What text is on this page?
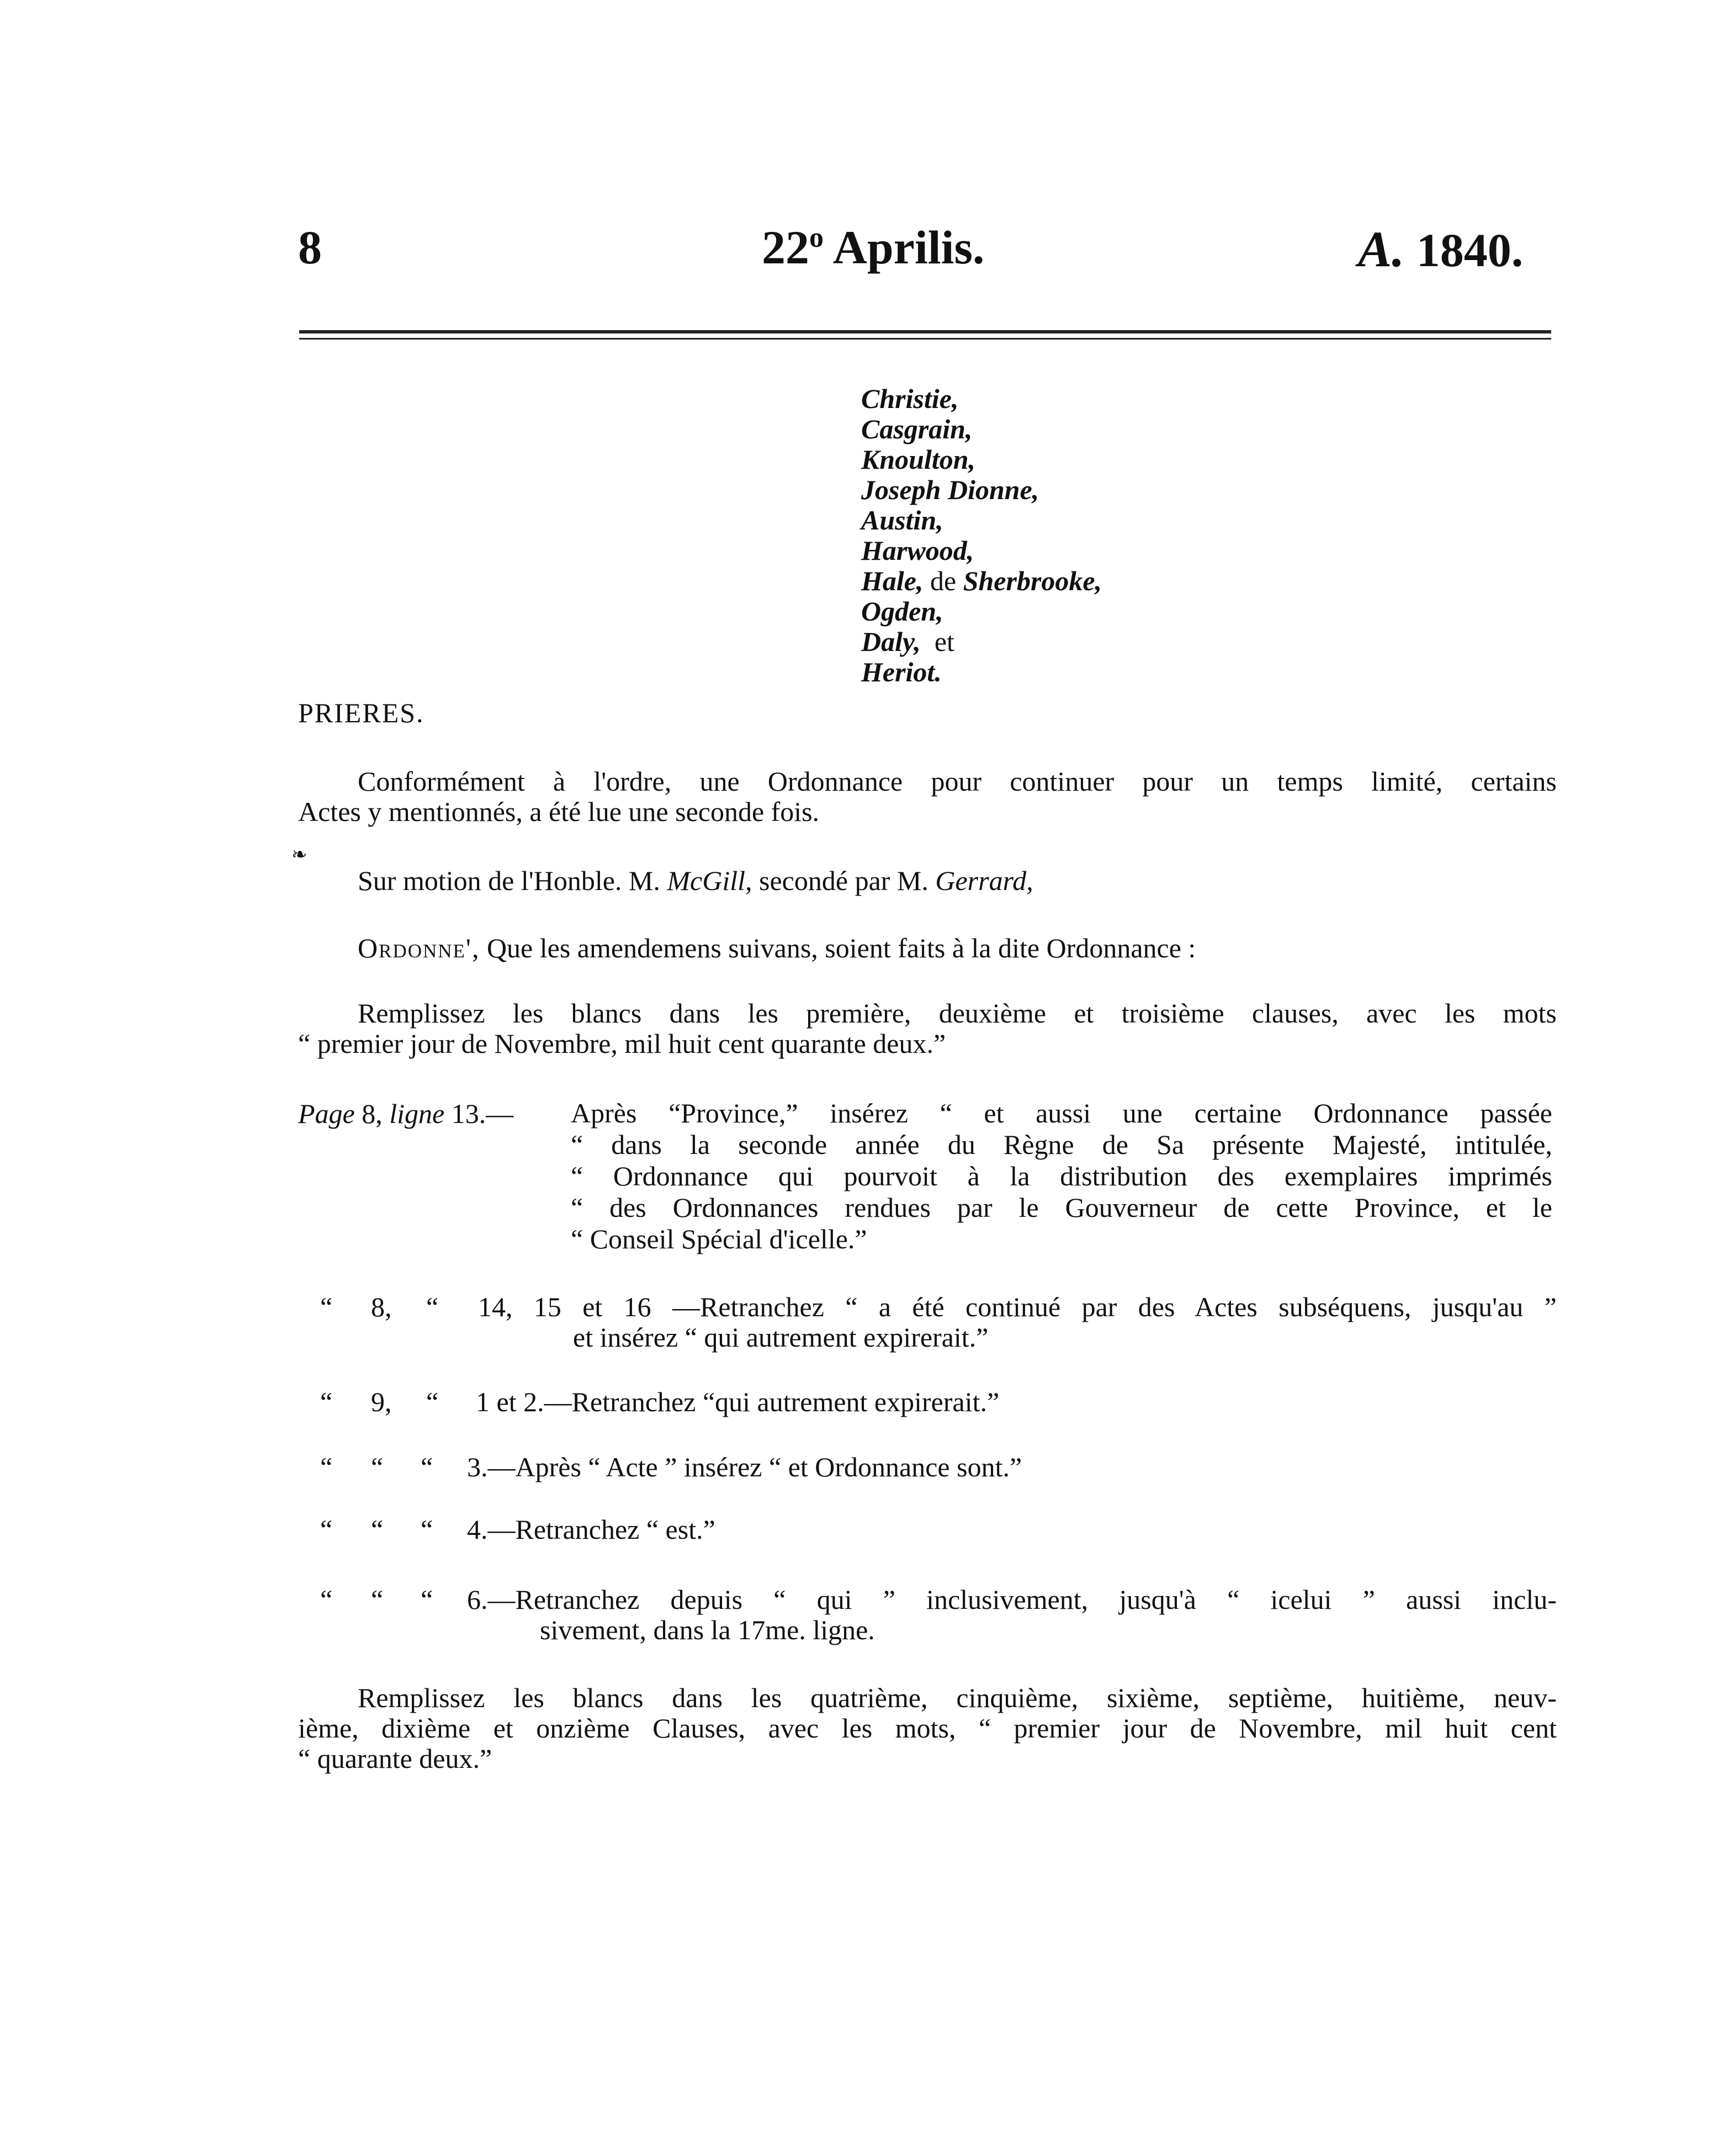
8	22$^o$ Aprilis.	A. 1840.
Christie,
Casgrain,
Knoulton,
Joseph Dionne,
Austin,
Harwood,
Hale, de Sherbrooke,
Ogden,
Daly,  et
Heriot.
PRIERES.
Conformément à l'ordre, une Ordonnance pour continuer pour un temps limité, certains
Actes y mentionnés, a été lue une seconde fois.
❧
Sur motion de l'Honble. M. McGill, secondé par M. Gerrard,
Ordonne', Que les amendemens suivans, soient faits à la dite Ordonnance :
Remplissez les blancs dans les première, deuxième et troisième clauses, avec les mots
“ premier jour de Novembre, mil huit cent quarante deux.”
Page 8, ligne 13.— Après “Province,” insérez “ et aussi une certaine Ordonnance passée
“ dans la seconde année du Règne de Sa présente Majesté, intitulée,
“ Ordonnance qui pourvoit à la distribution des exemplaires imprimés
“ des Ordonnances rendues par le Gouverneur de cette Province, et le
“ Conseil Spécial d'icelle.”
“ 8, “ 14, 15 et 16 —Retranchez “ a été continué par des Actes subséquens, jusqu'au ”
et insérez “ qui autrement expirerait.”
“ 9, “ 1 et 2.—Retranchez “qui autrement expirerait.”
“ “ “ 3.—Après “ Acte ” insérez “ et Ordonnance sont.”
“ “ “ 4.—Retranchez “ est.”
“ “ “ 6.—Retranchez depuis “ qui ” inclusivement, jusqu'à “ icelui ” aussi inclu-
sivement, dans la 17me. ligne.
Remplissez les blancs dans les quatrième, cinquième, sixième, septième, huitième, neuv-
ième, dixième et onzième Clauses, avec les mots, “ premier jour de Novembre, mil huit cent
“ quarante deux.”
